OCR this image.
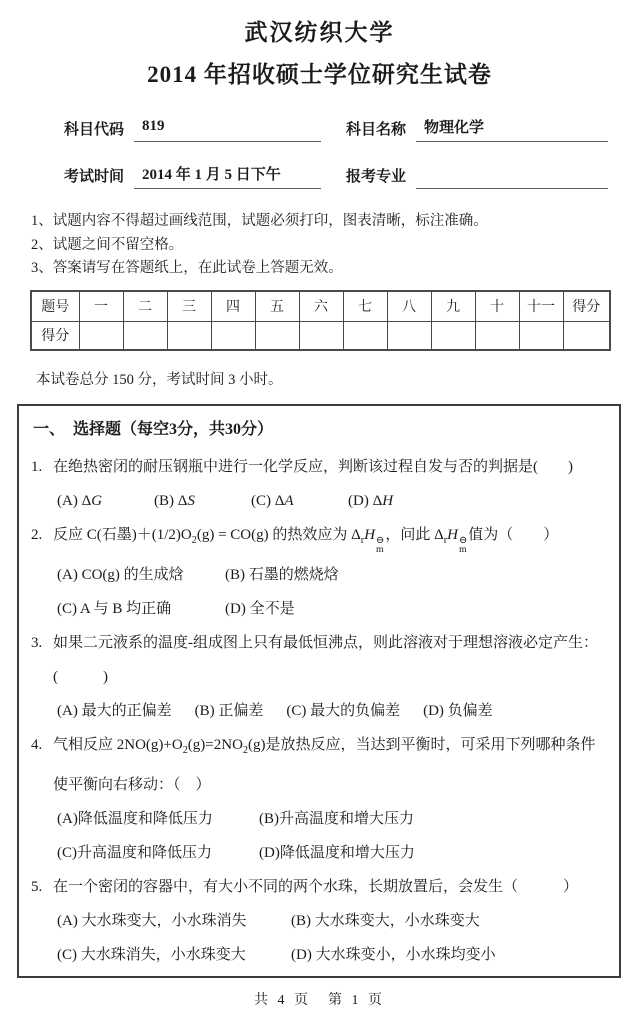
武汉纺织大学
2014 年招收硕士学位研究生试卷
科目代码	819	科目名称	物理化学
考试时间	2014 年 1 月 5 日下午	报考专业
1、试题内容不得超过画线范围，试题必须打印，图表清晰，标注准确。
2、试题之间不留空格。
3、答案请写在答题纸上，在此试卷上答题无效。
题号	一	二	三	四	五	六	七	八	九	十	十一	得分
得分												
本试卷总分 150 分，考试时间 3 小时。
一、　选择题（每空3分，共30分）
1. 在绝热密闭的耐压钢瓶中进行一化学反应，判断该过程自发与否的判据是(　　)
(A) ΔG	(B) ΔS	(C) ΔA	(D) ΔH
2. 反应 C(石墨)$+(1/2)O_2(g) = CO(g)$ 的热效应为 $\Delta_rH$ ⊖
m
，问此 $\Delta_rH$ ⊖
m
值为（　　）
(A) CO(g) 的生成焓	(B) 石墨的燃烧焓
(C) A 与 B 均正确	(D) 全不是
3. 如果二元液系的温度-组成图上只有最低恒沸点，则此溶液对于理想溶液必定产生：(　　　)
(A) 最大的正偏差 (B) 正偏差 (C) 最大的负偏差 (D) 负偏差
4. 气相反应 $2NO(g)+O_2(g)=2NO_2(g)$是放热反应，当达到平衡时，可采用下列哪种条件使平衡向右移动：（　）
(A)降低温度和降低压力	(B)升高温度和增大压力
(C)升高温度和降低压力	(D)降低温度和增大压力
5. 在一个密闭的容器中，有大小不同的两个水珠，长期放置后，会发生（　　　）
(A) 大水珠变大，小水珠消失	(B) 大水珠变大，小水珠变大
(C) 大水珠消失，小水珠变大	(D) 大水珠变小，小水珠均变小
共 4 页　第 1 页
